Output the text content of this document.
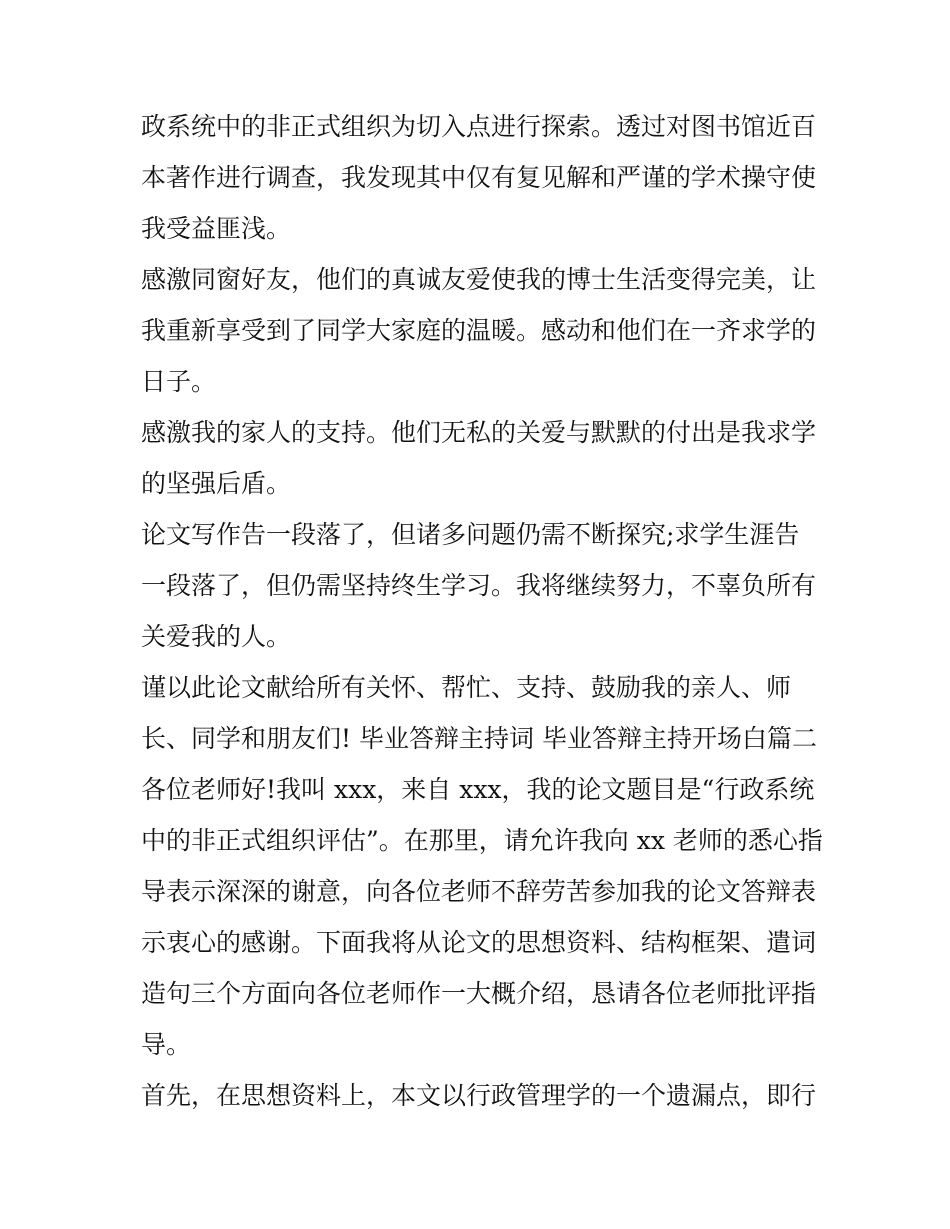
政系统中的非正式组织为切入点进行探索。透过对图书馆近百
本著作进行调查，我发现其中仅有复见解和严谨的学术操守使
我受益匪浅。
感激同窗好友，他们的真诚友爱使我的博士生活变得完美，让
我重新享受到了同学大家庭的温暖。感动和他们在一齐求学的
日子。
感激我的家人的支持。他们无私的关爱与默默的付出是我求学
的坚强后盾。
论文写作告一段落了，但诸多问题仍需不断探究;求学生涯告
一段落了，但仍需坚持终生学习。我将继续努力，不辜负所有
关爱我的人。
谨以此论文献给所有关怀、帮忙、支持、鼓励我的亲人、师
长、同学和朋友们! 毕业答辩主持词 毕业答辩主持开场白篇二
各位老师好!我叫 xxx，来自 xxx，我的论文题目是“行政系统
中的非正式组织评估”。在那里，请允许我向 xx 老师的悉心指
导表示深深的谢意，向各位老师不辞劳苦参加我的论文答辩表
示衷心的感谢。下面我将从论文的思想资料、结构框架、遣词
造句三个方面向各位老师作一大概介绍，恳请各位老师批评指
导。
首先，在思想资料上，本文以行政管理学的一个遗漏点，即行
